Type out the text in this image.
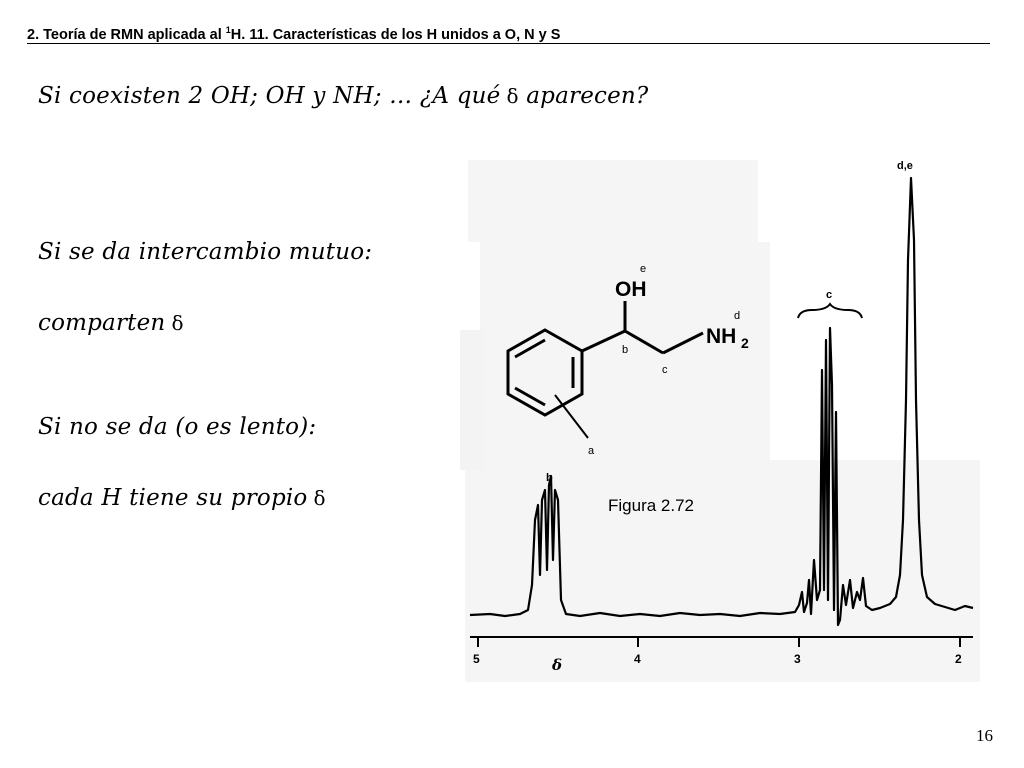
2. Teoría de RMN aplicada al $^1$H. 11. Características de los H unidos a O, N y S
Si coexisten 2 OH; OH y NH; … ¿A qué δ aparecen?
Si se da intercambio mutuo:
comparten δ
Si no se da (o es lento):
cada H tiene su propio δ
OH
e
NH 2
d
b
c
a
5	4	3	2
δ
b
c
d,e
Figura 2.72
16
